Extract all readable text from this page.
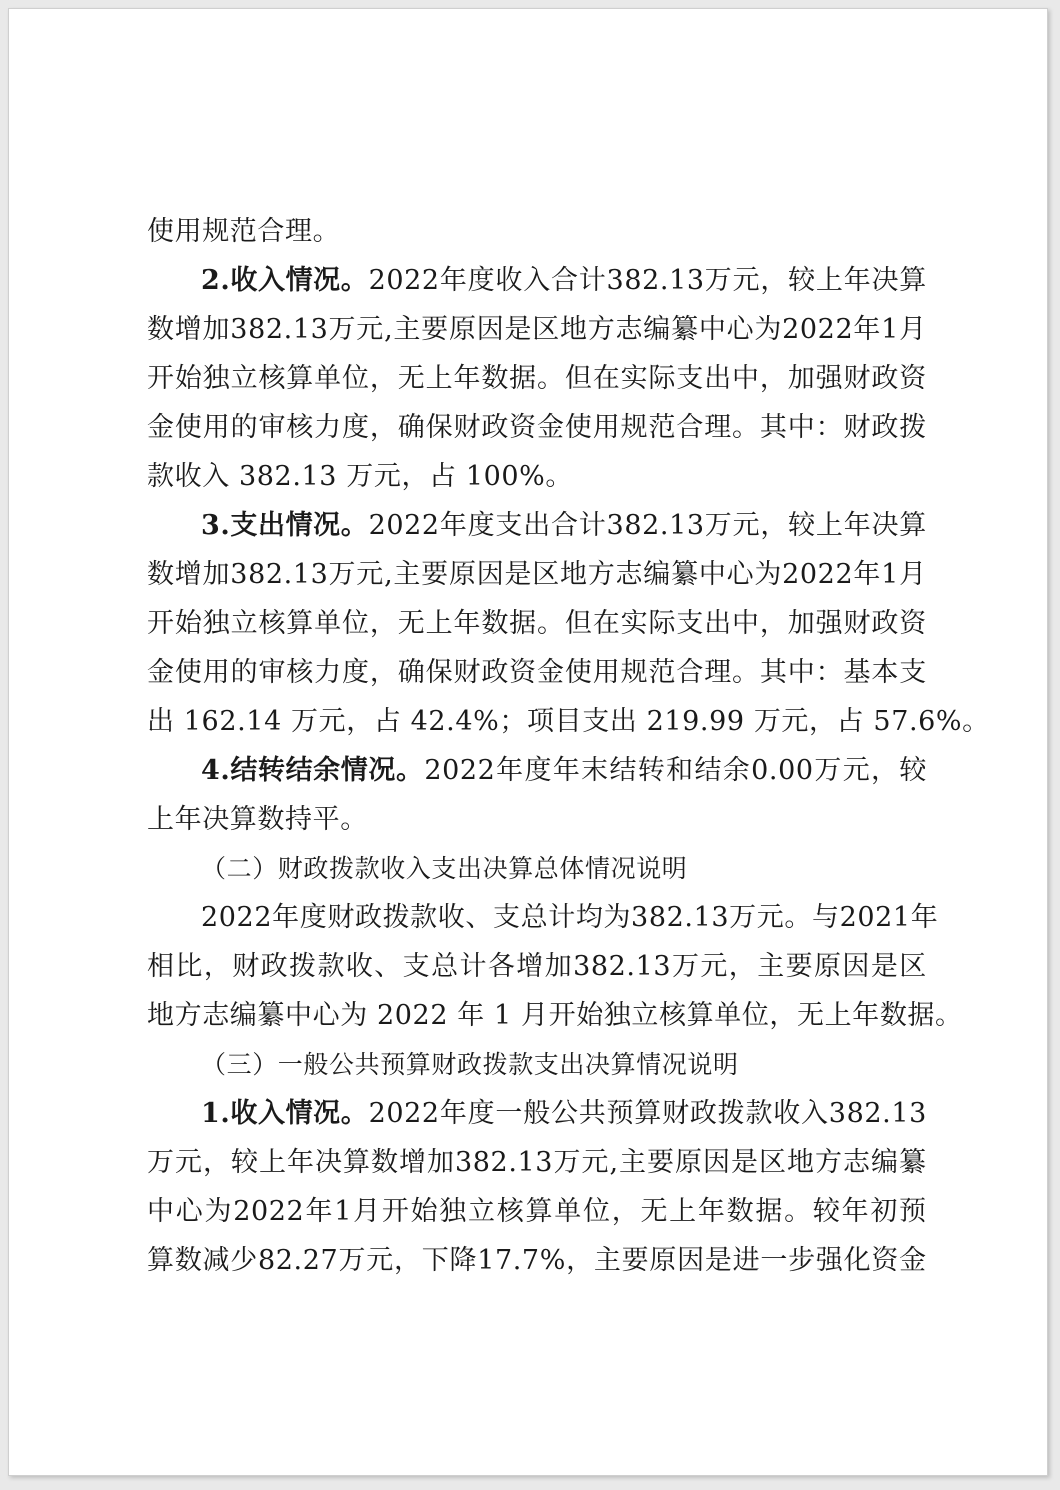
使用规范合理。
2.收入情况。 2022 年 度 收 入 合 计 382.13 万 元 ， 较 上 年 决 算
数 增 加 382.13 万 元 , 主 要 原 因 是 区 地 方 志 编 纂 中 心 为 2022 年 1 月
开 始 独 立 核 算 单 位 ， 无 上 年 数 据 。 但 在 实 际 支 出 中 ， 加 强 财 政 资
金 使 用 的 审 核 力 度 ， 确 保 财 政 资 金 使 用 规 范 合 理 。 其 中 ： 财 政 拨
款收入 382.13 万元，占 100%。
3.支出情况。 2022 年 度 支 出 合 计 382.13 万 元 ， 较 上 年 决 算
数 增 加 382.13 万 元 , 主 要 原 因 是 区 地 方 志 编 纂 中 心 为 2022 年 1 月
开 始 独 立 核 算 单 位 ， 无 上 年 数 据 。 但 在 实 际 支 出 中 ， 加 强 财 政 资
金 使 用 的 审 核 力 度 ， 确 保 财 政 资 金 使 用 规 范 合 理 。 其 中 ： 基 本 支
出 162.14 万元，占 42.4%；项目支出 219.99 万元，占 57.6%。
4.结转结余情况。 2022 年 度 年 末 结 转 和 结 余 0.00 万 元 ， 较
上年决算数持平。
（二）财政拨款收入支出决算总体情况说明
2022 年 度 财 政 拨 款 收 、 支 总 计 均 为 382.13 万 元 。 与 2021 年
相 比 ， 财 政 拨 款 收 、 支 总 计 各 增 加 382.13 万 元 ， 主 要 原 因 是 区
地方志编纂中心为 2022 年 1 月开始独立核算单位，无上年数据。
（三）一般公共预算财政拨款支出决算情况说明
1.收入情况。 2022 年 度 一 般 公 共 预 算 财 政 拨 款 收 入 382.13
万 元 ， 较 上 年 决 算 数 增 加 382.13 万 元 , 主 要 原 因 是 区 地 方 志 编 纂
中 心 为 2022 年 1 月 开 始 独 立 核 算 单 位 ， 无 上 年 数 据 。 较 年 初 预
算 数 减 少 82.27 万 元 ， 下 降 17.7% ， 主 要 原 因 是 进 一 步 强 化 资 金
